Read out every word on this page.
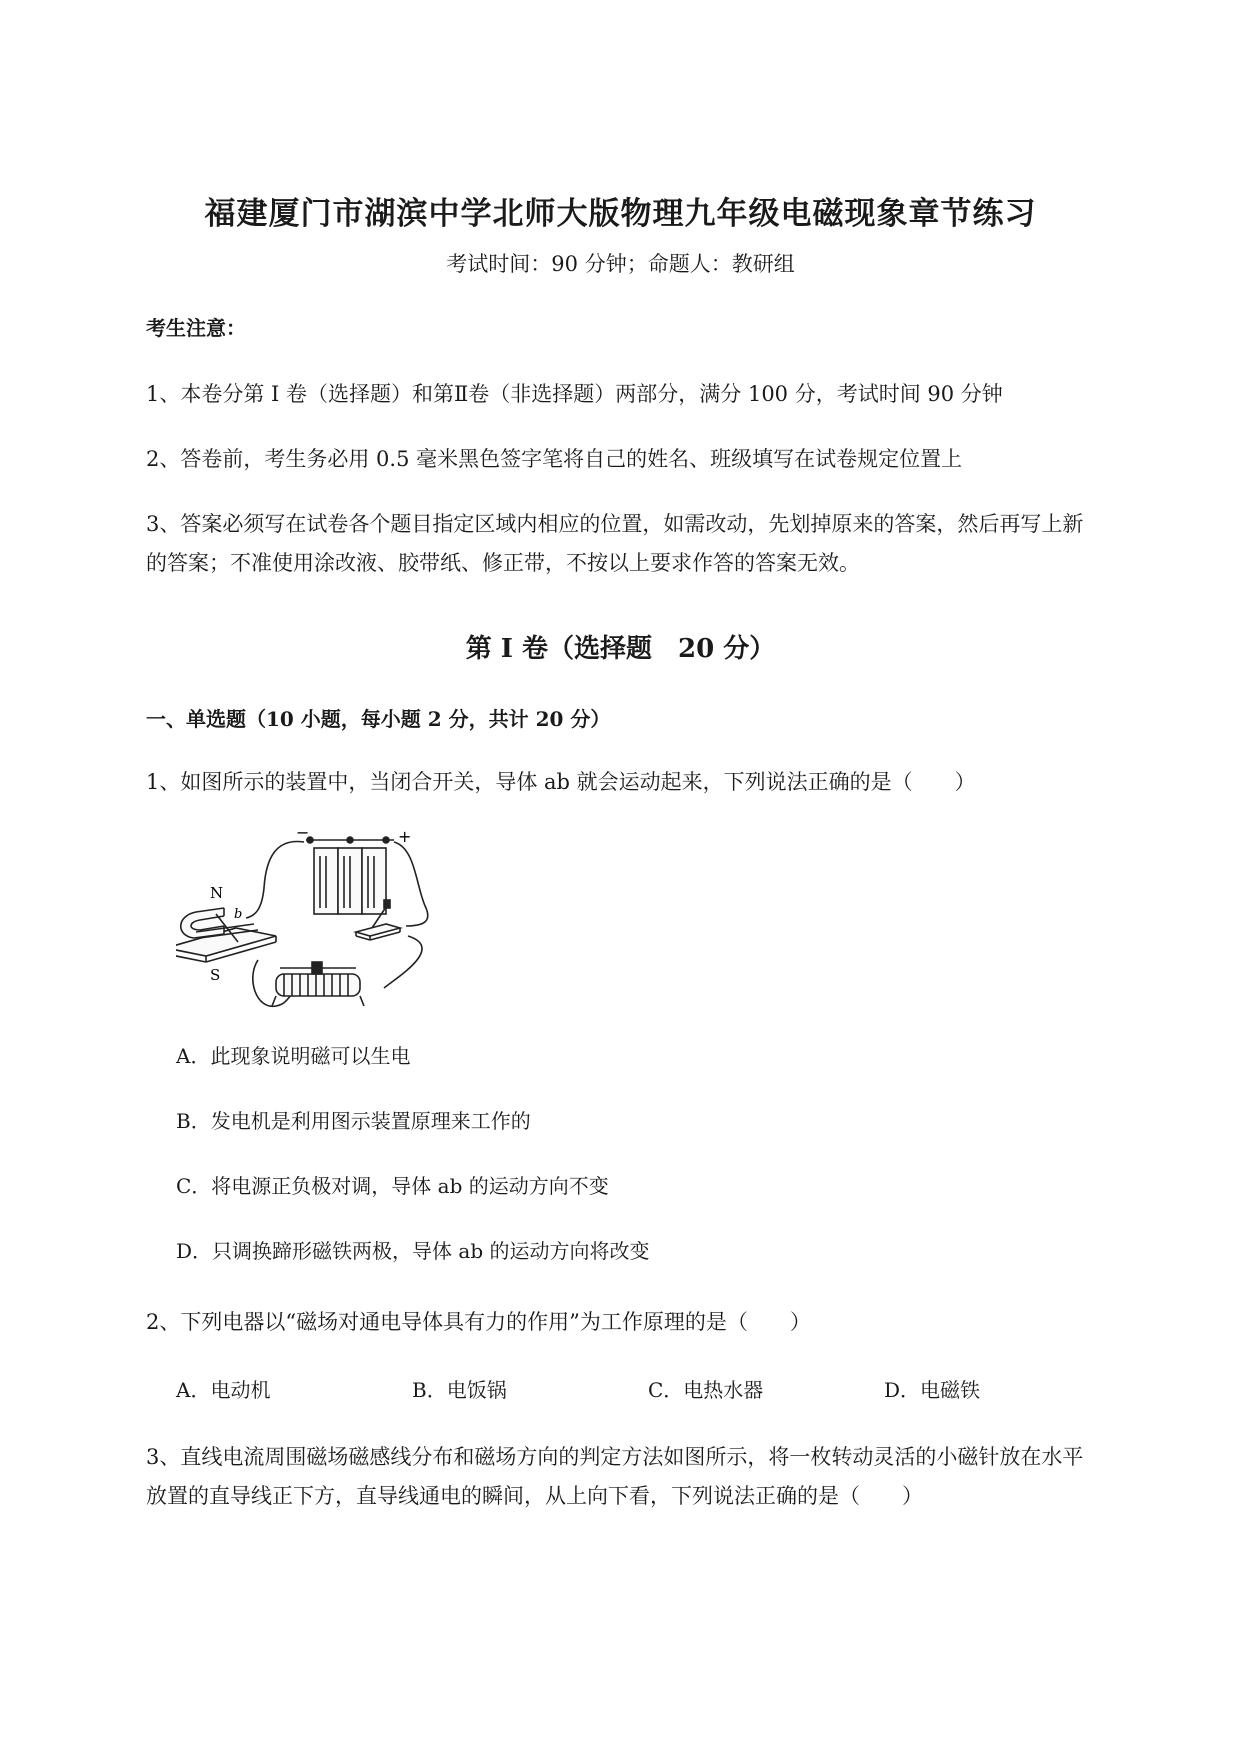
福建厦门市湖滨中学北师大版物理九年级电磁现象章节练习
考试时间：90 分钟；命题人：教研组
考生注意：
1、本卷分第 I 卷（选择题）和第Ⅱ卷（非选择题）两部分，满分 100 分，考试时间 90 分钟
2、答卷前，考生务必用 0.5 毫米黑色签字笔将自己的姓名、班级填写在试卷规定位置上
3、答案必须写在试卷各个题目指定区域内相应的位置，如需改动，先划掉原来的答案，然后再写上新
的答案；不准使用涂改液、胶带纸、修正带，不按以上要求作答的答案无效。
第 I 卷（选择题　20 分）
一、单选题（10 小题，每小题 2 分，共计 20 分）
1、如图所示的装置中，当闭合开关，导体 ab 就会运动起来，下列说法正确的是（　　）
−	+
N
S
b
A．此现象说明磁可以生电
B．发电机是利用图示装置原理来工作的
C．将电源正负极对调，导体 ab 的运动方向不变
D．只调换蹄形磁铁两极，导体 ab 的运动方向将改变
2、下列电器以“磁场对通电导体具有力的作用”为工作原理的是（　　）
A．电动机	B．电饭锅	C．电热水器	D．电磁铁
3、直线电流周围磁场磁感线分布和磁场方向的判定方法如图所示，将一枚转动灵活的小磁针放在水平
放置的直导线正下方，直导线通电的瞬间，从上向下看，下列说法正确的是（　　）
